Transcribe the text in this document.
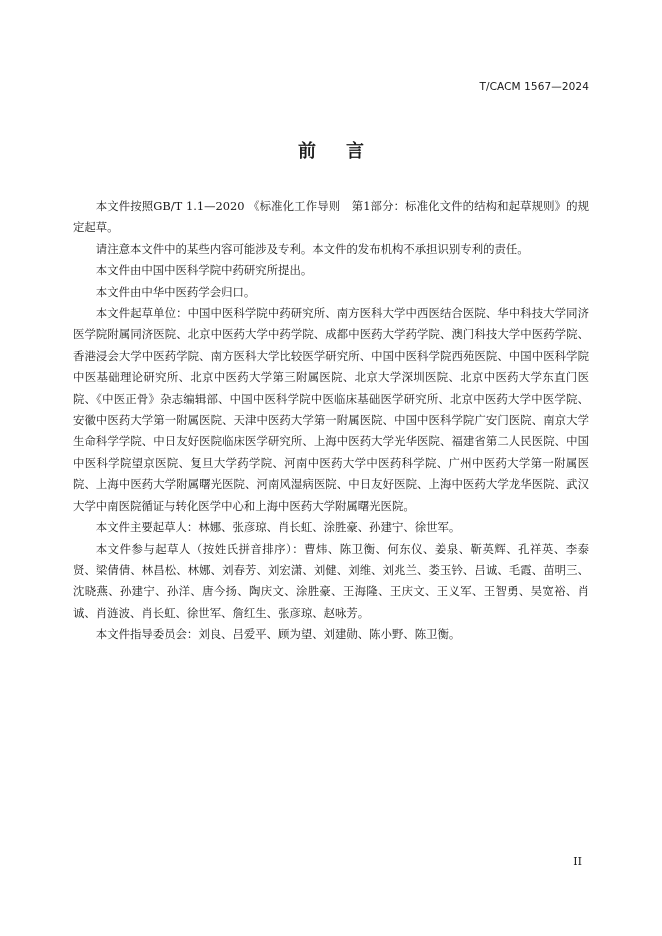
T/CACM 1567—2024
前言

本文件按照GB/T 1.1—2020 《标准化工作导则　第1部分：标准化文件的结构和起草规则》的规定起草。

请注意本文件中的某些内容可能涉及专利。本文件的发布机构不承担识别专利的责任。

本文件由中国中医科学院中药研究所提出。

本文件由中华中医药学会归口。

本文件起草单位：中国中医科学院中药研究所、南方医科大学中西医结合医院、华中科技大学同济医学院附属同济医院、北京中医药大学中药学院、成都中医药大学药学院、澳门科技大学中医药学院、香港浸会大学中医药学院、南方医科大学比较医学研究所、中国中医科学院西苑医院、中国中医科学院中医基础理论研究所、北京中医药大学第三附属医院、北京大学深圳医院、北京中医药大学东直门医院、《中医正骨》杂志编辑部、中国中医科学院中医临床基础医学研究所、北京中医药大学中医学院、安徽中医药大学第一附属医院、天津中医药大学第一附属医院、中国中医科学院广安门医院、南京大学生命科学学院、中日友好医院临床医学研究所、上海中医药大学光华医院、福建省第二人民医院、中国中医科学院望京医院、复旦大学药学院、河南中医药大学中医药科学院、广州中医药大学第一附属医院、上海中医药大学附属曙光医院、河南风湿病医院、中日友好医院、上海中医药大学龙华医院、武汉大学中南医院循证与转化医学中心和上海中医药大学附属曙光医院。

本文件主要起草人：林娜、张彦琼、肖长虹、涂胜豪、孙建宁、徐世军。

本文件参与起草人（按姓氏拼音排序）：曹炜、陈卫衡、何东仪、姜泉、靳英辉、孔祥英、李泰贤、梁倩倩、林昌松、林娜、刘春芳、刘宏潇、刘健、刘维、刘兆兰、娄玉钤、吕诚、毛霞、苗明三、沈晓燕、孙建宁、孙洋、唐今扬、陶庆文、涂胜豪、王海隆、王庆文、王义军、王智勇、吴宽裕、肖诚、肖涟波、肖长虹、徐世军、詹红生、张彦琼、赵咏芳。

本文件指导委员会：刘良、吕爱平、顾为望、刘建勋、陈小野、陈卫衡。

II
